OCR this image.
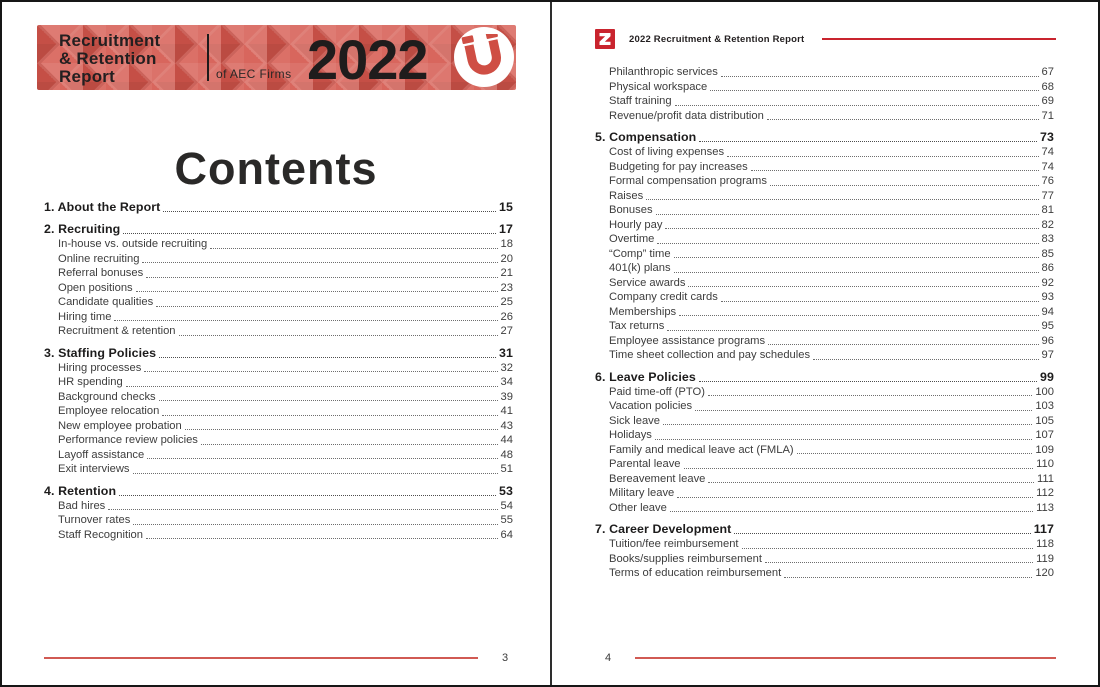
Recruitment
& Retention
Report	of AEC Firms 2022
Contents
1. About the Report	15
2. Recruiting	17
In-house vs. outside recruiting	18
Online recruiting	20
Referral bonuses	21
Open positions	23
Candidate qualities	25
Hiring time	26
Recruitment & retention	27
3. Staffing Policies	31
Hiring processes	32
HR spending	34
Background checks	39
Employee relocation	41
New employee probation	43
Performance review policies	44
Layoff assistance	48
Exit interviews	51
4. Retention	53
Bad hires	54
Turnover rates	55
Staff Recognition	64
3
2022 Recruitment & Retention Report
Philanthropic services	67
Physical workspace	68
Staff training	69
Revenue/profit data distribution	71
5. Compensation	73
Cost of living expenses	74
Budgeting for pay increases	74
Formal compensation programs	76
Raises	77
Bonuses	81
Hourly pay	82
Overtime	83
“Comp” time	85
401(k) plans	86
Service awards	92
Company credit cards	93
Memberships	94
Tax returns	95
Employee assistance programs	96
Time sheet collection and pay schedules	97
6. Leave Policies	99
Paid time-off (PTO)	100
Vacation policies	103
Sick leave	105
Holidays	107
Family and medical leave act (FMLA)	109
Parental leave	110
Bereavement leave	111
Military leave	112
Other leave	113
7. Career Development	117
Tuition/fee reimbursement	118
Books/supplies reimbursement	119
Terms of education reimbursement	120
4
